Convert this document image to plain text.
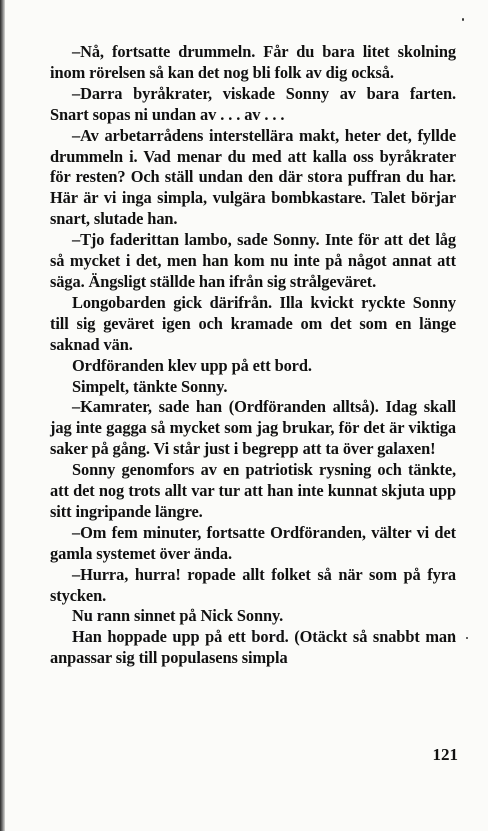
–Nå, fortsatte drummeln. Får du bara litet skolning inom rörelsen så kan det nog bli folk av dig också.

–Darra byråkrater, viskade Sonny av bara farten. Snart sopas ni undan av . . . av . . .

–Av arbetarrådens interstellära makt, heter det, fyllde drummeln i. Vad menar du med att kalla oss byråkrater för resten? Och ställ undan den där stora puffran du har. Här är vi inga simpla, vulgära bombkastare. Talet börjar snart, slutade han.

–Tjo faderittan lambo, sade Sonny. Inte för att det låg så mycket i det, men han kom nu inte på något annat att säga. Ängsligt ställde han ifrån sig strålgeväret.

Longobarden gick därifrån. Illa kvickt ryckte Sonny till sig geväret igen och kramade om det som en länge saknad vän.

Ordföranden klev upp på ett bord.

Simpelt, tänkte Sonny.

–Kamrater, sade han (Ordföranden alltså). Idag skall jag inte gagga så mycket som jag brukar, för det är viktiga saker på gång. Vi står just i begrepp att ta över galaxen!

Sonny genomfors av en patriotisk rysning och tänkte, att det nog trots allt var tur att han inte kunnat skjuta upp sitt ingripande längre.

–Om fem minuter, fortsatte Ordföranden, välter vi det gamla systemet över ända.

–Hurra, hurra! ropade allt folket så när som på fyra stycken.

Nu rann sinnet på Nick Sonny.

Han hoppade upp på ett bord. (Otäckt så snabbt man anpassar sig till populasens simpla

121
